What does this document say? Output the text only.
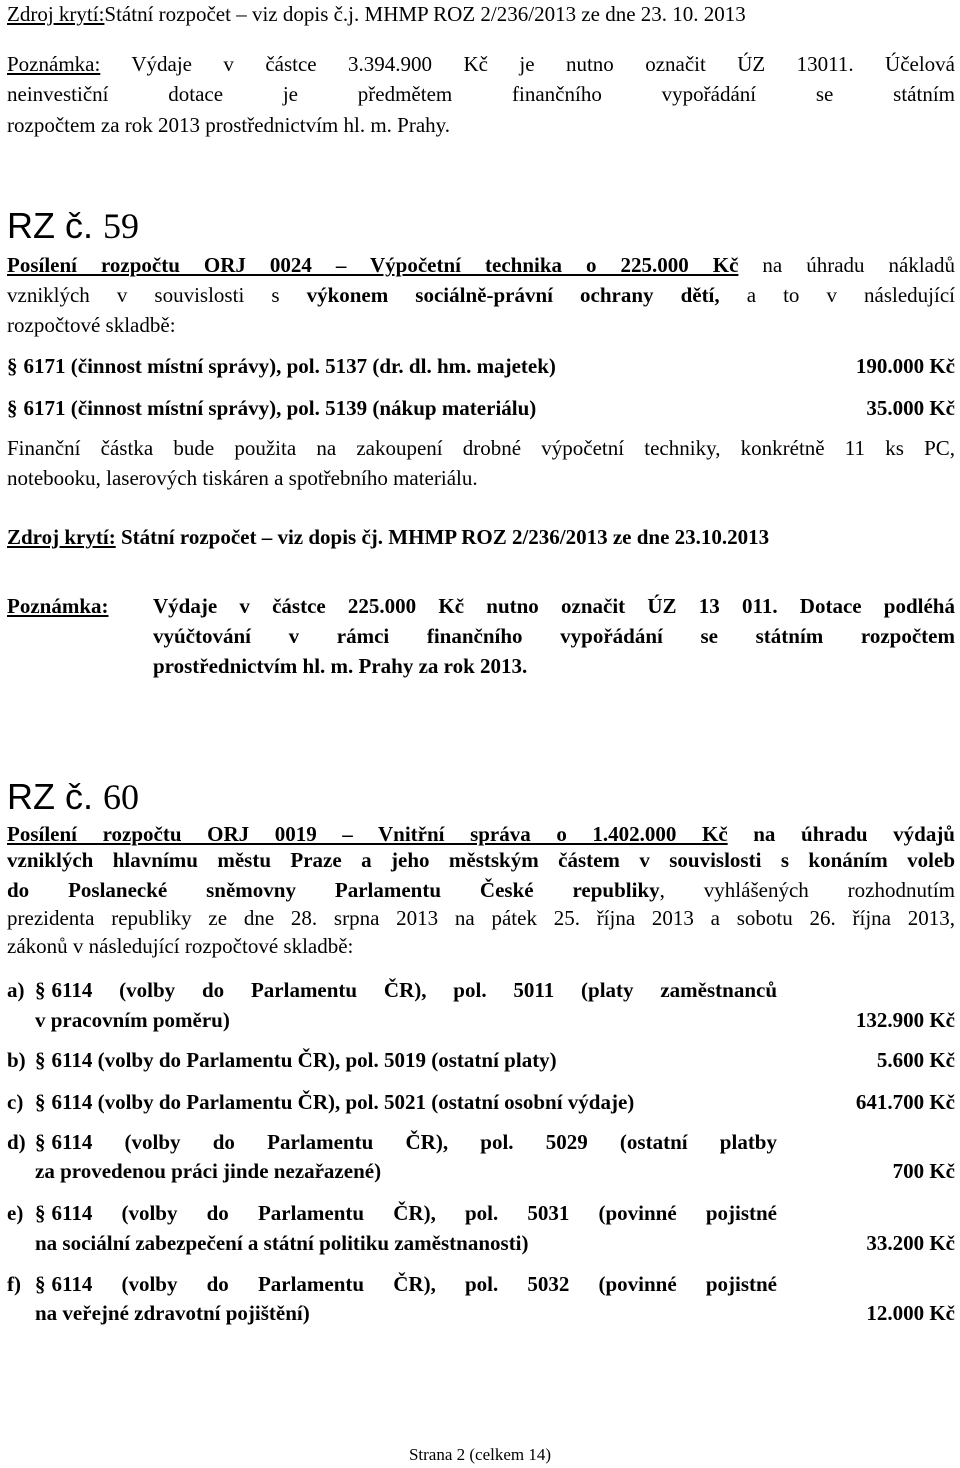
Zdroj krytí:Státní rozpočet – viz dopis č.j. MHMP ROZ 2/236/2013 ze dne 23. 10. 2013
Poznámka: Výdaje v částce 3.394.900 Kč je nutno označit ÚZ 13011. Účelová
neinvestiční dotace je předmětem finančního vypořádání se státním
rozpočtem za rok 2013 prostřednictvím hl. m. Prahy.
RZ č. 59
Posílení rozpočtu ORJ 0024 – Výpočetní technika o 225.000 Kč na úhradu nákladů
vzniklých v souvislosti s výkonem sociálně-právní ochrany dětí, a to v následující
rozpočtové skladbě:
§ 6171 (činnost místní správy), pol. 5137 (dr. dl. hm. majetek)	190.000 Kč
§ 6171 (činnost místní správy), pol. 5139 (nákup materiálu)	35.000 Kč
Finanční částka bude použita na zakoupení drobné výpočetní techniky, konkrétně 11 ks PC,
notebooku, laserových tiskáren a spotřebního materiálu.
Zdroj krytí: Státní rozpočet – viz dopis čj. MHMP ROZ 2/236/2013 ze dne 23.10.2013
Poznámka: Výdaje v částce 225.000 Kč nutno označit ÚZ 13 011. Dotace podléhá
vyúčtování v rámci finančního vypořádání se státním rozpočtem
prostřednictvím hl. m. Prahy za rok 2013.
RZ č. 60
Posílení rozpočtu ORJ 0019 – Vnitřní správa o 1.402.000 Kč na úhradu výdajů
vzniklých hlavnímu městu Praze a jeho městským částem v souvislosti s konáním voleb
do Poslanecké sněmovny Parlamentu České republiky, vyhlášených rozhodnutím
prezidenta republiky ze dne 28. srpna 2013 na pátek 25. října 2013 a sobotu 26. října 2013,
zákonů v následující rozpočtové skladbě:
a) § 6114 (volby do Parlamentu ČR), pol. 5011 (platy zaměstnanců
v pracovním poměru)	132.900 Kč
b) § 6114 (volby do Parlamentu ČR), pol. 5019 (ostatní platy)	5.600 Kč
c) § 6114 (volby do Parlamentu ČR), pol. 5021 (ostatní osobní výdaje)	641.700 Kč
d) § 6114 (volby do Parlamentu ČR), pol. 5029 (ostatní platby
za provedenou práci jinde nezařazené)	700 Kč
e) § 6114 (volby do Parlamentu ČR), pol. 5031 (povinné pojistné
na sociální zabezpečení a státní politiku zaměstnanosti)	33.200 Kč
f) § 6114 (volby do Parlamentu ČR), pol. 5032 (povinné pojistné
na veřejné zdravotní pojištění)	12.000 Kč
Strana 2 (celkem 14)
